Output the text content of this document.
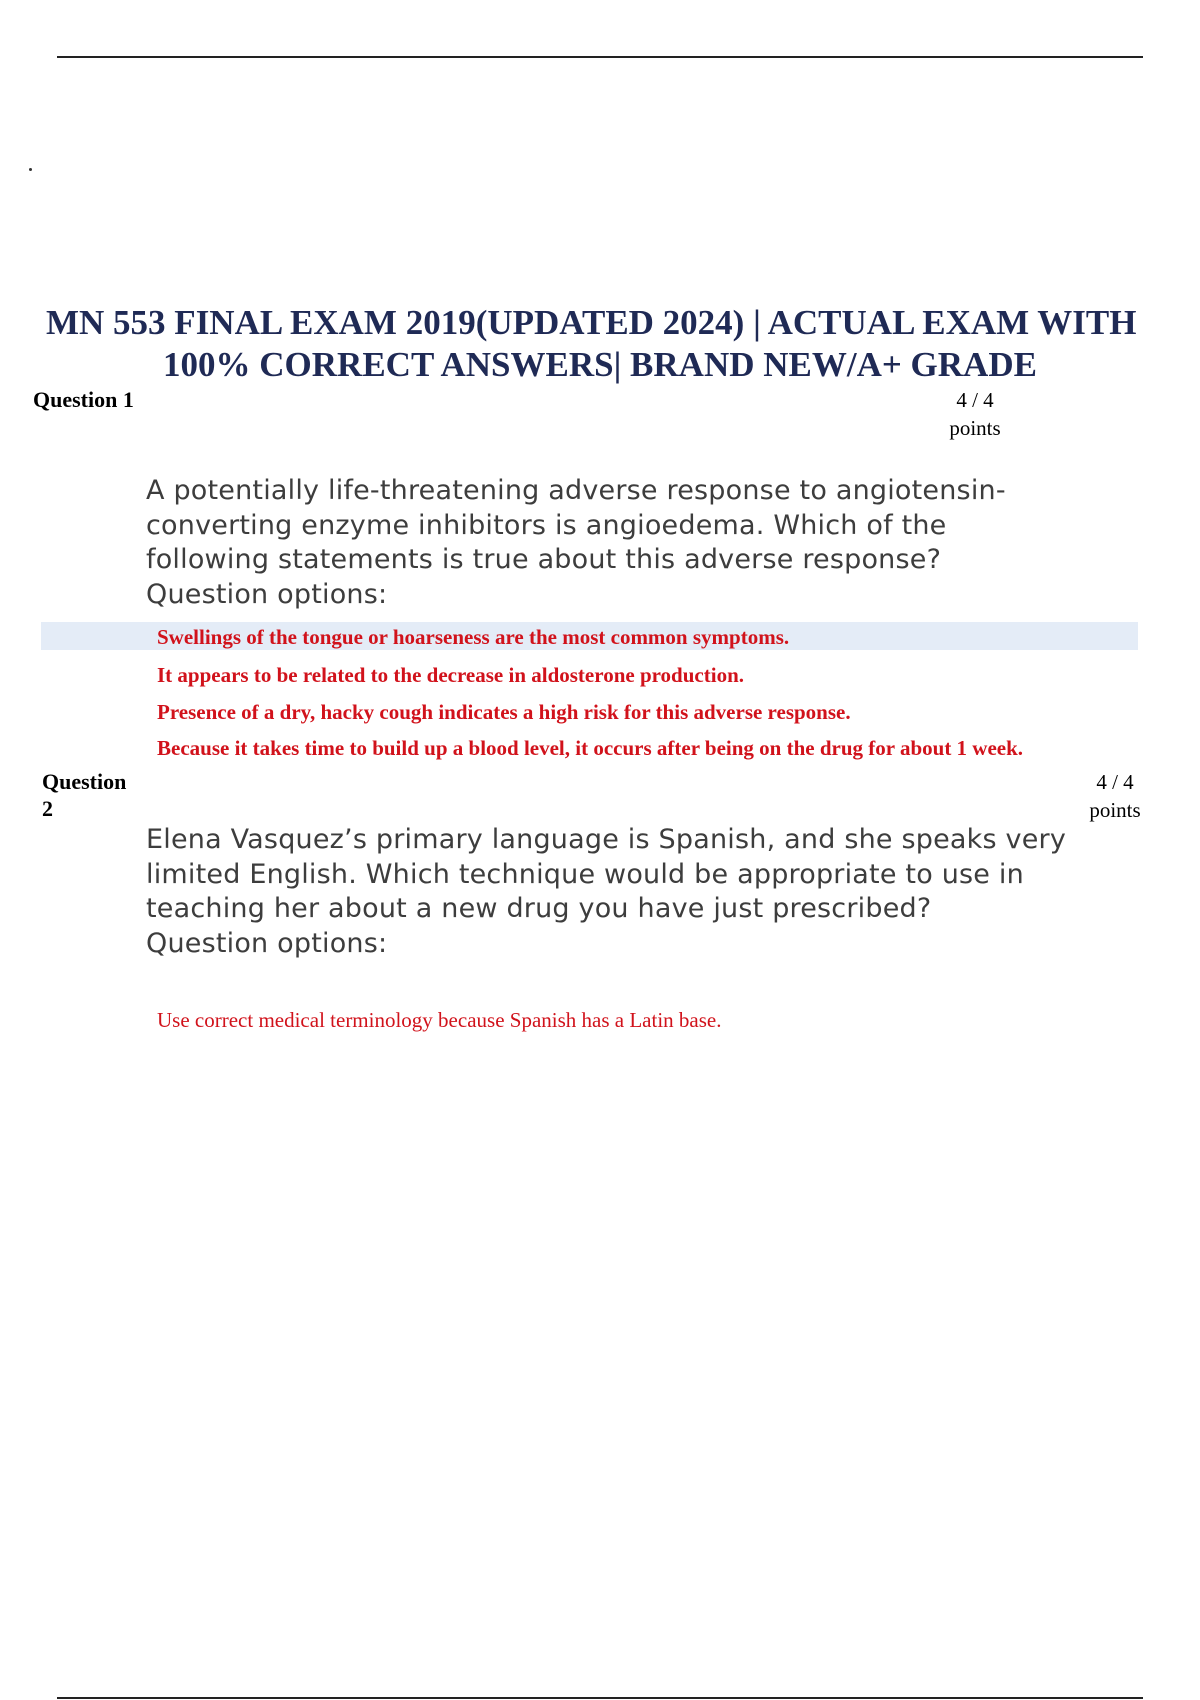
MN 553 FINAL EXAM 2019(UPDATED 2024) | ACTUAL EXAM WITH
100% CORRECT ANSWERS| BRAND NEW/A+ GRADE
Question 1	4 / 4
points
A potentially life-threatening adverse response to angiotensin-converting enzyme inhibitors is angioedema. Which of the following statements is true about this adverse response?
Question options:
Swellings of the tongue or hoarseness are the most common symptoms.
It appears to be related to the decrease in aldosterone production.
Presence of a dry, hacky cough indicates a high risk for this adverse response.
Because it takes time to build up a blood level, it occurs after being on the drug for about 1 week.
Question
2
4 / 4
points
Elena Vasquez’s primary language is Spanish, and she speaks very limited English. Which technique would be appropriate to use in teaching her about a new drug you have just prescribed?
Question options:
Use correct medical terminology because Spanish has a Latin base.
